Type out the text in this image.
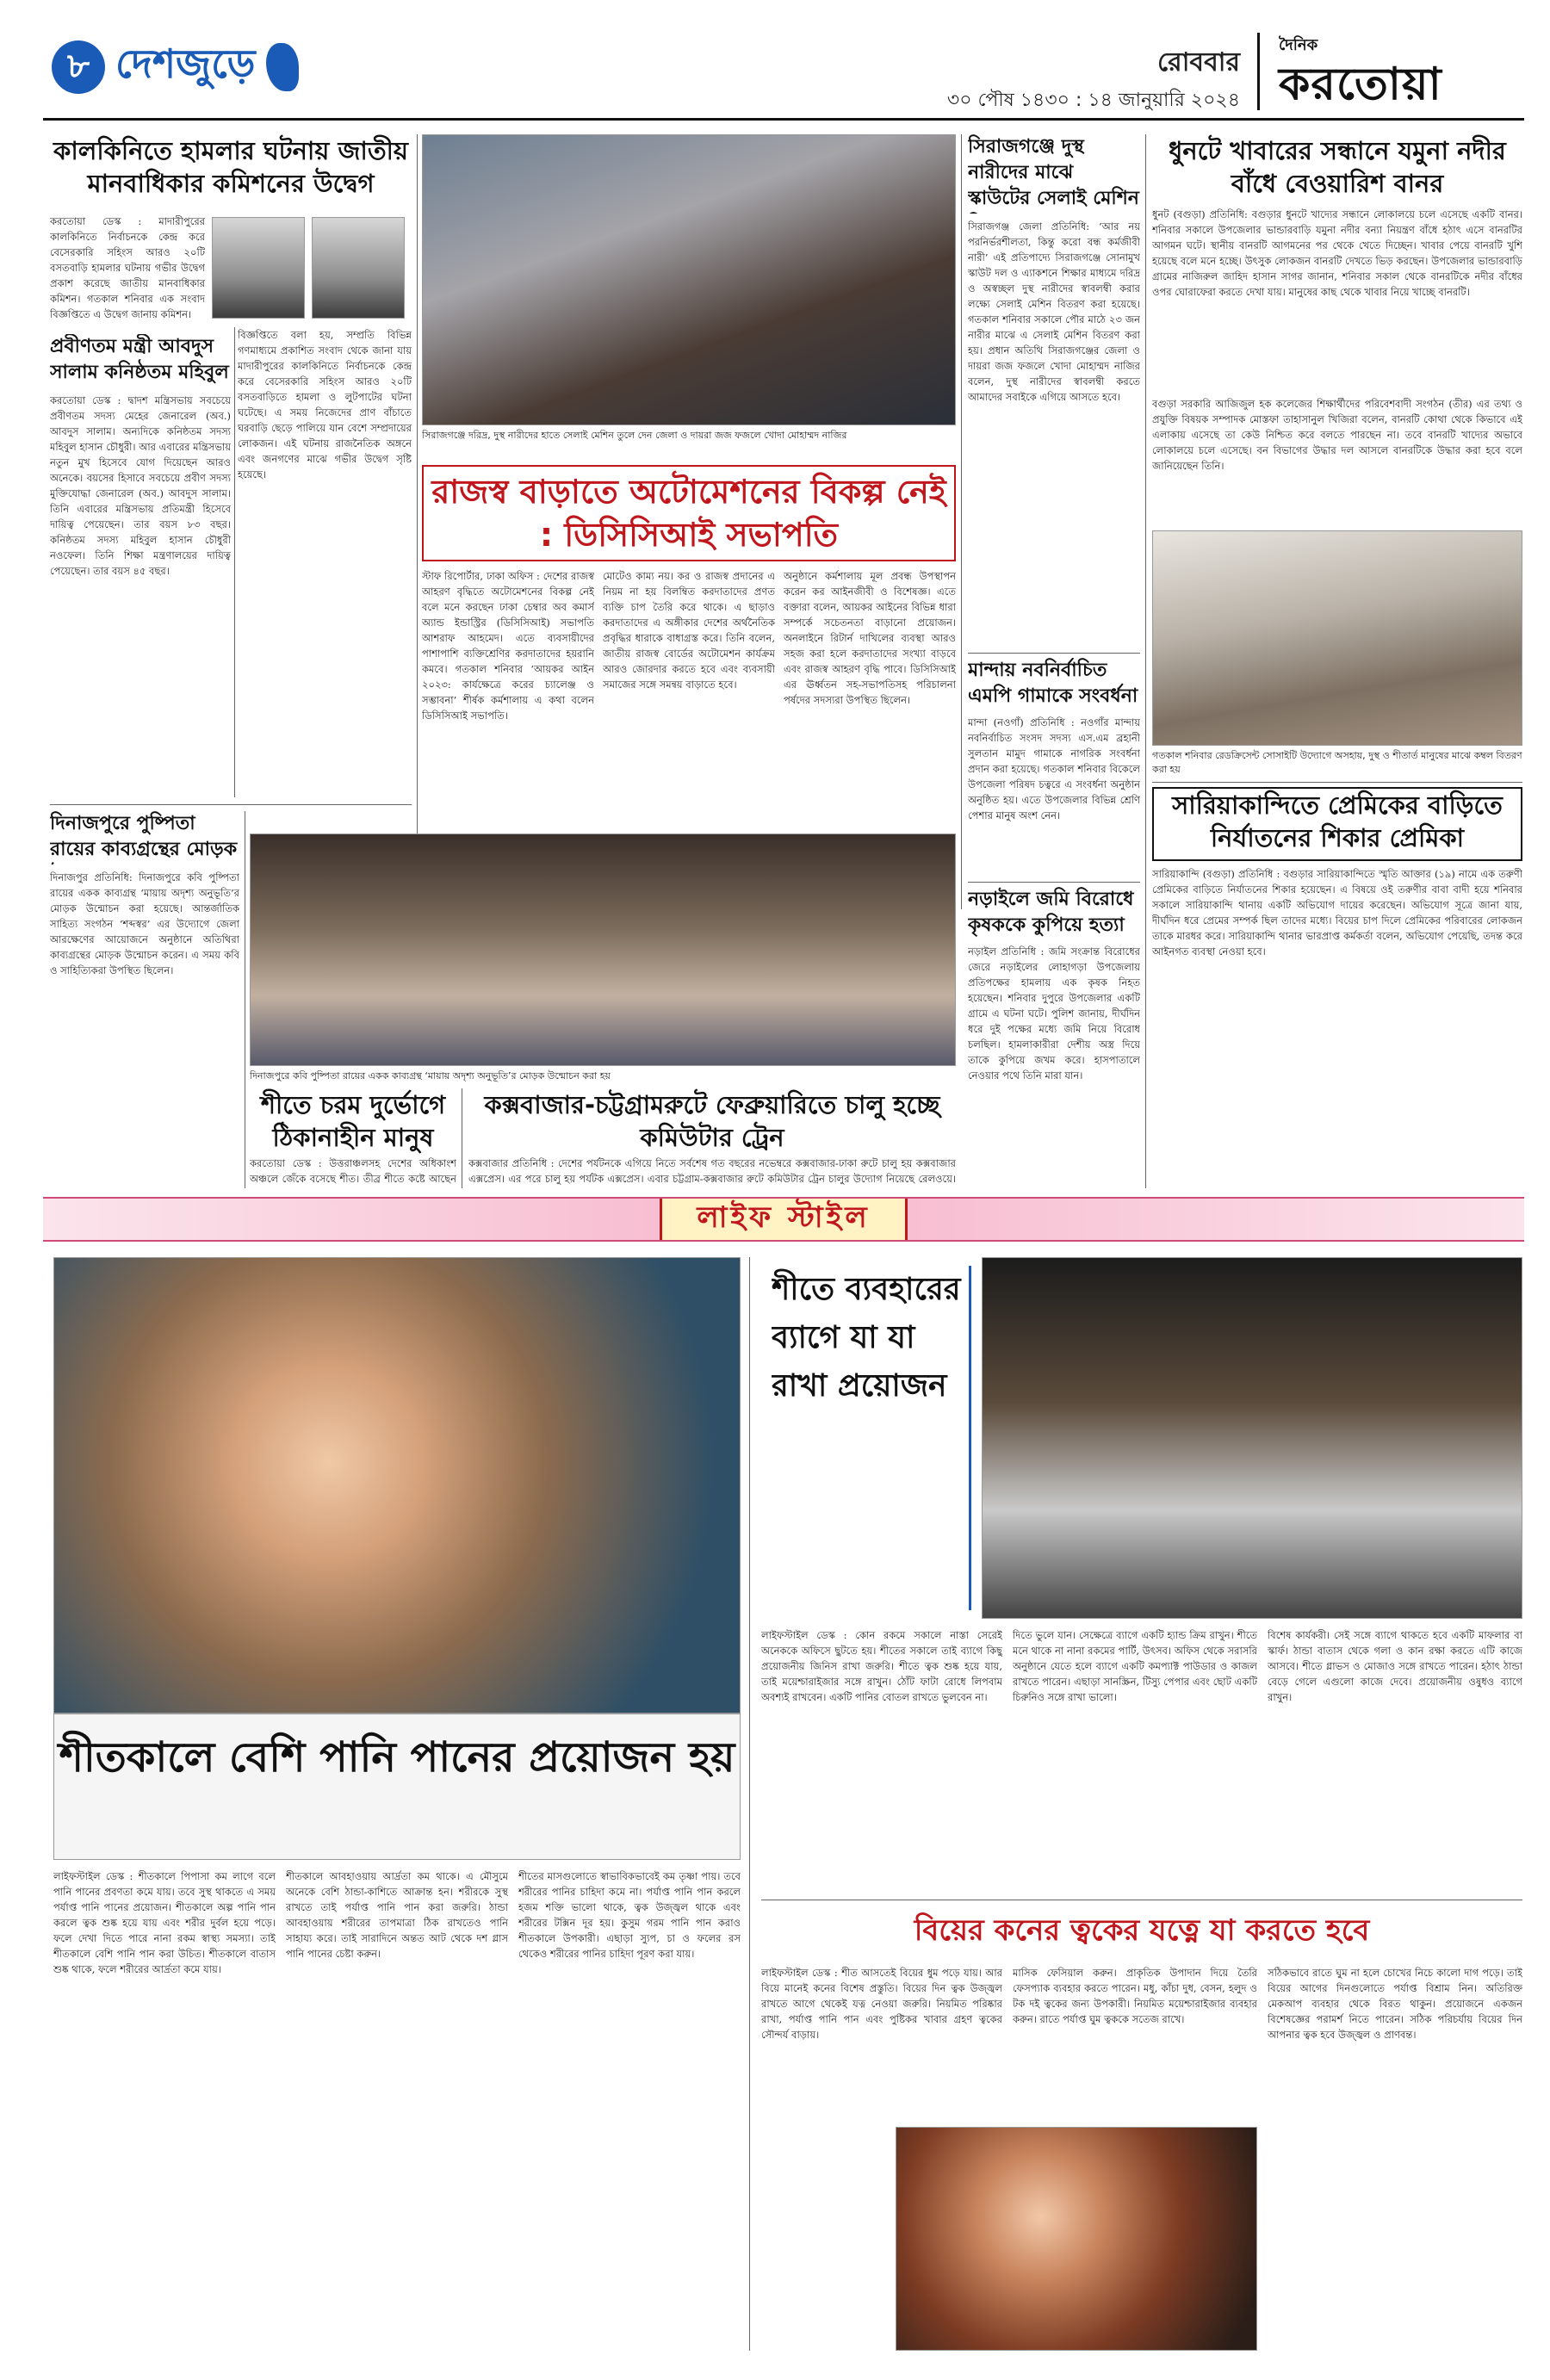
৮ দেশজুড়ে	রোববার
৩০ পৌষ ১৪৩০ : ১৪ জানুয়ারি ২০২৪
দৈনিক
করতোয়া
কালকিনিতে হামলার ঘটনায় জাতীয় মানবাধিকার কমিশনের উদ্বেগ
করতোয়া ডেস্ক : মাদারীপুরের কালকিনিতে নির্বাচনকে কেন্দ্র করে বেসেরকারি সহিংস আরও ২০টি বসতবাড়ি হামলার ঘটনায় গভীর উদ্বেগ প্রকাশ করেছে জাতীয় মানবাধিকার কমিশন। গতকাল শনিবার এক সংবাদ বিজ্ঞপ্তিতে এ উদ্বেগ জানায় কমিশন।
প্রবীণতম মন্ত্রী আবদুস সালাম কনিষ্ঠতম মহিবুল
করতোয়া ডেস্ক : দ্বাদশ মন্ত্রিসভায় সবচেয়ে প্রবীণতম সদস্য মেহের জেনারেল (অব.) আবদুস সালাম। অন্যদিকে কনিষ্ঠতম সদস্য মহিবুল হাসান চৌধুরী। আর এবারের মন্ত্রিসভায় নতুন মুখ হিসেবে যোগ দিয়েছেন আরও অনেকে। বয়সের হিসাবে সবচেয়ে প্রবীণ সদস্য মুক্তিযোদ্ধা জেনারেল (অব.) আবদুস সালাম। তিনি এবারের মন্ত্রিসভায় প্রতিমন্ত্রী হিসেবে দায়িত্ব পেয়েছেন। তার বয়স ৮৩ বছর। কনিষ্ঠতম সদস্য মহিবুল হাসান চৌধুরী নওফেল। তিনি শিক্ষা মন্ত্রণালয়ের দায়িত্ব পেয়েছেন। তার বয়স ৪৫ বছর।
বিজ্ঞপ্তিতে বলা হয়, সম্প্রতি বিভিন্ন গণমাধ্যমে প্রকাশিত সংবাদ থেকে জানা যায় মাদারীপুরের কালকিনিতে নির্বাচনকে কেন্দ্র করে বেসেরকারি সহিংস আরও ২০টি বসতবাড়িতে হামলা ও লুটপাটের ঘটনা ঘটেছে। এ সময় নিজেদের প্রাণ বাঁচাতে ঘরবাড়ি ছেড়ে পালিয়ে যান বেশে সম্প্রদায়ের লোকজন। এই ঘটনায় রাজনৈতিক অঙ্গনে এবং জনগণের মাঝে গভীর উদ্বেগ সৃষ্টি হয়েছে।
দিনাজপুরে পুষ্পিতা রায়ের কাব্যগ্রন্থের মোড়ক
দিনাজপুর প্রতিনিধি: দিনাজপুরে কবি পুষ্পিতা রায়ের একক কাব্যগ্রন্থ ‘মায়ায় অদৃশ্য অনুভূতি’র মোড়ক উন্মোচন করা হয়েছে। আন্তর্জাতিক সাহিত্য সংগঠন ‘শব্দস্বর’ এর উদ্যোগে জেলা আরক্ষেণের আয়োজনে অনুষ্ঠানে অতিথিরা কাব্যগ্রন্থের মোড়ক উন্মোচন করেন। এ সময় কবি ও সাহিত্যিকরা উপস্থিত ছিলেন।
সিরাজগঞ্জে দরিদ্র, দুস্থ নারীদের হাতে সেলাই মেশিন তুলে দেন জেলা ও দায়রা জজ ফজলে খোদা মোহাম্মদ নাজির
রাজস্ব বাড়াতে অটোমেশনের বিকল্প নেই : ডিসিসিআই সভাপতি
স্টাফ রিপোর্টার, ঢাকা অফিস : দেশের রাজস্ব আহরণ বৃদ্ধিতে অটোমেশনের বিকল্প নেই বলে মনে করছেন ঢাকা চেম্বার অব কমার্স অ্যান্ড ইন্ডাস্ট্রির (ডিসিসিআই) সভাপতি আশরাফ আহমেদ। এতে ব্যবসায়ীদের পাশাপাশি ব্যক্তিশ্রেণির করদাতাদের হয়রানি কমবে। গতকাল শনিবার ‘আয়কর আইন ২০২৩: কার্যক্ষেত্রে করের চ্যালেঞ্জ ও সম্ভাবনা’ শীর্ষক কর্মশালায় এ কথা বলেন ডিসিসিআই সভাপতি।
মোটেও কাম্য নয়। কর ও রাজস্ব প্রদানের এ নিয়ম না হয় বিলম্বিত করদাতাদের প্রণত ব্যক্তি চাপ তৈরি করে থাকে। এ ছাড়াও করদাতাদের এ অঙ্গীকার দেশের অর্থনৈতিক প্রবৃদ্ধির ধারাকে বাধাগ্রস্ত করে। তিনি বলেন, জাতীয় রাজস্ব বোর্ডের অটোমেশন কার্যক্রম আরও জোরদার করতে হবে এবং ব্যবসায়ী সমাজের সঙ্গে সমন্বয় বাড়াতে হবে।
অনুষ্ঠানে কর্মশালায় মূল প্রবন্ধ উপস্থাপন করেন কর আইনজীবী ও বিশেষজ্ঞ। এতে বক্তারা বলেন, আয়কর আইনের বিভিন্ন ধারা সম্পর্কে সচেতনতা বাড়ানো প্রয়োজন। অনলাইনে রিটার্ন দাখিলের ব্যবস্থা আরও সহজ করা হলে করদাতাদের সংখ্যা বাড়বে এবং রাজস্ব আহরণ বৃদ্ধি পাবে। ডিসিসিআই এর ঊর্ধ্বতন সহ-সভাপতিসহ পরিচালনা পর্ষদের সদস্যরা উপস্থিত ছিলেন।
দিনাজপুরে কবি পুষ্পিতা রায়ের একক কাব্যগ্রন্থ ‘মায়ায় অদৃশ্য অনুভূতি’র মোড়ক উন্মোচন করা হয়
শীতে চরম দুর্ভোগে ঠিকানাহীন মানুষ
করতোয়া ডেস্ক : উত্তরাঞ্চলসহ দেশের অধিকাংশ অঞ্চলে জেঁকে বসেছে শীত। তীব্র শীতে কষ্টে আছেন
কক্সবাজার-চট্টগ্রামরুটে ফেব্রুয়ারিতে চালু হচ্ছে কমিউটার ট্রেন
কক্সবাজার প্রতিনিধি : দেশের পর্যটনকে এগিয়ে নিতে সর্বশেষ গত বছরের নভেম্বরে কক্সবাজার-ঢাকা রুটে চালু হয় কক্সবাজার এক্সপ্রেস। এর পরে চালু হয় পর্যটক এক্সপ্রেস। এবার চট্টগ্রাম-কক্সবাজার রুটে কমিউটার ট্রেন চালুর উদ্যোগ নিয়েছে রেলওয়ে।
সিরাজগঞ্জে দুস্থ নারীদের মাঝে স্কাউটের সেলাই মেশিন
সিরাজগঞ্জ জেলা প্রতিনিধি: ‘আর নয় পরনির্ভরশীলতা, কিন্তু করো বন্ধ কর্মজীবী নারী’ এই প্রতিপাদ্যে সিরাজগঞ্জে সোনামুখ স্কাউট দল ও এ্যাকশনে শিক্ষার মাধ্যমে দরিদ্র ও অস্বচ্ছল দুস্থ নারীদের স্বাবলম্বী করার লক্ষ্যে সেলাই মেশিন বিতরণ করা হয়েছে। গতকাল শনিবার সকালে পৌর মাঠে ২৩ জন নারীর মাঝে এ সেলাই মেশিন বিতরণ করা হয়। প্রধান অতিথি সিরাজগঞ্জের জেলা ও দায়রা জজ ফজলে খোদা মোহাম্মদ নাজির বলেন, দুস্থ নারীদের স্বাবলম্বী করতে আমাদের সবাইকে এগিয়ে আসতে হবে।
মান্দায় নবনির্বাচিত এমপি গামাকে সংবর্ধনা
মান্দা (নওগাঁ) প্রতিনিধি : নওগাঁর মান্দায় নবনির্বাচিত সংসদ সদস্য এস.এম ব্রহানী সুলতান মামুদ গামাকে নাগরিক সংবর্ধনা প্রদান করা হয়েছে। গতকাল শনিবার বিকেলে উপজেলা পরিষদ চত্বরে এ সংবর্ধনা অনুষ্ঠান অনুষ্ঠিত হয়। এতে উপজেলার বিভিন্ন শ্রেণি পেশার মানুষ অংশ নেন।
নড়াইলে জমি বিরোধে কৃষককে কুপিয়ে হত্যা
নড়াইল প্রতিনিধি : জমি সংক্রান্ত বিরোধের জেরে নড়াইলের লোহাগড়া উপজেলায় প্রতিপক্ষের হামলায় এক কৃষক নিহত হয়েছেন। শনিবার দুপুরে উপজেলার একটি গ্রামে এ ঘটনা ঘটে। পুলিশ জানায়, দীর্ঘদিন ধরে দুই পক্ষের মধ্যে জমি নিয়ে বিরোধ চলছিল। হামলাকারীরা দেশীয় অস্ত্র দিয়ে তাকে কুপিয়ে জখম করে। হাসপাতালে নেওয়ার পথে তিনি মারা যান।
ধুনটে খাবারের সন্ধানে যমুনা নদীর বাঁধে বেওয়ারিশ বানর
ধুনট (বগুড়া) প্রতিনিধি: বগুড়ার ধুনটে খাদ্যের সন্ধানে লোকালয়ে চলে এসেছে একটি বানর। শনিবার সকালে উপজেলার ভান্ডারবাড়ি যমুনা নদীর বন্যা নিয়ন্ত্রণ বাঁধে হঠাৎ এসে বানরটির আগমন ঘটে। স্থানীয় বানরটি আগমনের পর থেকে খেতে দিচ্ছেন। খাবার পেয়ে বানরটি খুশি হয়েছে বলে মনে হচ্ছে। উৎসুক লোকজন বানরটি দেখতে ভিড় করছেন। উপজেলার ভান্ডারবাড়ি গ্রামের নাজিরুল জাহিদ হাসান সাগর জানান, শনিবার সকাল থেকে বানরটিকে নদীর বাঁধের ওপর ঘোরাফেরা করতে দেখা যায়। মানুষের কাছ থেকে খাবার নিয়ে খাচ্ছে বানরটি।
বগুড়া সরকারি আজিজুল হক কলেজের শিক্ষার্থীদের পরিবেশবাদী সংগঠন (তীর) এর তথ্য ও প্রযুক্তি বিষয়ক সম্পাদক মোস্তফা তাহাসানুল খিজিরা বলেন, বানরটি কোথা থেকে কিভাবে এই এলাকায় এসেছে তা কেউ নিশ্চিত করে বলতে পারছেন না। তবে বানরটি খাদ্যের অভাবে লোকালয়ে চলে এসেছে। বন বিভাগের উদ্ধার দল আসলে বানরটিকে উদ্ধার করা হবে বলে জানিয়েছেন তিনি।
গতকাল শনিবার রেডক্রিসেন্ট সোসাইটি উদ্যোগে অসহায়, দুস্থ ও শীতার্ত মানুষের মাঝে কম্বল বিতরণ করা হয়
সারিয়াকান্দিতে প্রেমিকের বাড়িতে নির্যাতনের শিকার প্রেমিকা
সারিয়াকান্দি (বগুড়া) প্রতিনিধি : বগুড়ার সারিয়াকান্দিতে স্মৃতি আক্তার (১৯) নামে এক তরুণী প্রেমিকের বাড়িতে নির্যাতনের শিকার হয়েছেন। এ বিষয়ে ওই তরুণীর বাবা বাদী হয়ে শনিবার সকালে সারিয়াকান্দি থানায় একটি অভিযোগ দায়ের করেছেন। অভিযোগ সূত্রে জানা যায়, দীর্ঘদিন ধরে প্রেমের সম্পর্ক ছিল তাদের মধ্যে। বিয়ের চাপ দিলে প্রেমিকের পরিবারের লোকজন তাকে মারধর করে। সারিয়াকান্দি থানার ভারপ্রাপ্ত কর্মকর্তা বলেন, অভিযোগ পেয়েছি, তদন্ত করে আইনগত ব্যবস্থা নেওয়া হবে।
লাইফ স্টাইল
শীতকালে বেশি পানি পানের প্রয়োজন হয়
লাইফস্টাইল ডেস্ক : শীতকালে পিপাসা কম লাগে বলে পানি পানের প্রবণতা কমে যায়। তবে সুস্থ থাকতে এ সময় পর্যাপ্ত পানি পানের প্রয়োজন। শীতকালে অল্প পানি পান করলে ত্বক শুষ্ক হয়ে যায় এবং শরীর দুর্বল হয়ে পড়ে। ফলে দেখা দিতে পারে নানা রকম স্বাস্থ্য সমস্যা। তাই শীতকালে বেশি পানি পান করা উচিত। শীতকালে বাতাস শুষ্ক থাকে, ফলে শরীরের আর্দ্রতা কমে যায়।
শীতকালে আবহাওয়ায় আর্দ্রতা কম থাকে। এ মৌসুমে অনেকে বেশি ঠান্ডা-কাশিতে আক্রান্ত হন। শরীরকে সুস্থ রাখতে তাই পর্যাপ্ত পানি পান করা জরুরি। ঠান্ডা আবহাওয়ায় শরীরের তাপমাত্রা ঠিক রাখতেও পানি সাহায্য করে। তাই সারাদিনে অন্তত আট থেকে দশ গ্লাস পানি পানের চেষ্টা করুন।
শীতের মাসগুলোতে স্বাভাবিকভাবেই কম তৃষ্ণা পায়। তবে শরীরের পানির চাহিদা কমে না। পর্যাপ্ত পানি পান করলে হজম শক্তি ভালো থাকে, ত্বক উজ্জ্বল থাকে এবং শরীরের টক্সিন দূর হয়। কুসুম গরম পানি পান করাও শীতকালে উপকারী। এছাড়া স্যুপ, চা ও ফলের রস থেকেও শরীরের পানির চাহিদা পূরণ করা যায়।
শীতে ব্যবহারের ব্যাগে যা যা রাখা প্রয়োজন
লাইফস্টাইল ডেস্ক : কোন রকমে সকালে নাস্তা সেরেই অনেককে অফিসে ছুটতে হয়। শীতের সকালে তাই ব্যাগে কিছু প্রয়োজনীয় জিনিস রাখা জরুরি। শীতে ত্বক শুষ্ক হয়ে যায়, তাই ময়েশ্চারাইজার সঙ্গে রাখুন। ঠোঁট ফাটা রোধে লিপবাম অবশ্যই রাখবেন। একটি পানির বোতল রাখতে ভুলবেন না।
দিতে ভুলে যান। সেক্ষেত্রে ব্যাগে একটি হ্যান্ড ক্রিম রাখুন। শীতে মনে থাকে না নানা রকমের পার্টি, উৎসব। অফিস থেকে সরাসরি অনুষ্ঠানে যেতে হলে ব্যাগে একটি কমপ্যাক্ট পাউডার ও কাজল রাখতে পারেন। এছাড়া সানস্ক্রিন, টিস্যু পেপার এবং ছোট একটি চিরুনিও সঙ্গে রাখা ভালো।
বিশেষ কার্যকরী। সেই সঙ্গে ব্যাগে থাকতে হবে একটি মাফলার বা স্কার্ফ। ঠান্ডা বাতাস থেকে গলা ও কান রক্ষা করতে এটি কাজে আসবে। শীতে গ্লাভস ও মোজাও সঙ্গে রাখতে পারেন। হঠাৎ ঠান্ডা বেড়ে গেলে এগুলো কাজে দেবে। প্রয়োজনীয় ওষুধও ব্যাগে রাখুন।
বিয়ের কনের ত্বকের যত্নে যা করতে হবে
লাইফস্টাইল ডেস্ক : শীত আসতেই বিয়ের ধুম পড়ে যায়। আর বিয়ে মানেই কনের বিশেষ প্রস্তুতি। বিয়ের দিন ত্বক উজ্জ্বল রাখতে আগে থেকেই যত্ন নেওয়া জরুরি। নিয়মিত পরিষ্কার রাখা, পর্যাপ্ত পানি পান এবং পুষ্টিকর খাবার গ্রহণ ত্বকের সৌন্দর্য বাড়ায়।
মাসিক ফেসিয়াল করুন। প্রাকৃতিক উপাদান দিয়ে তৈরি ফেসপ্যাক ব্যবহার করতে পারেন। মধু, কাঁচা দুধ, বেসন, হলুদ ও টক দই ত্বকের জন্য উপকারী। নিয়মিত ময়েশ্চারাইজার ব্যবহার করুন। রাতে পর্যাপ্ত ঘুম ত্বককে সতেজ রাখে।
সঠিকভাবে রাতে ঘুম না হলে চোখের নিচে কালো দাগ পড়ে। তাই বিয়ের আগের দিনগুলোতে পর্যাপ্ত বিশ্রাম নিন। অতিরিক্ত মেকআপ ব্যবহার থেকে বিরত থাকুন। প্রয়োজনে একজন বিশেষজ্ঞের পরামর্শ নিতে পারেন। সঠিক পরিচর্যায় বিয়ের দিন আপনার ত্বক হবে উজ্জ্বল ও প্রাণবন্ত।
